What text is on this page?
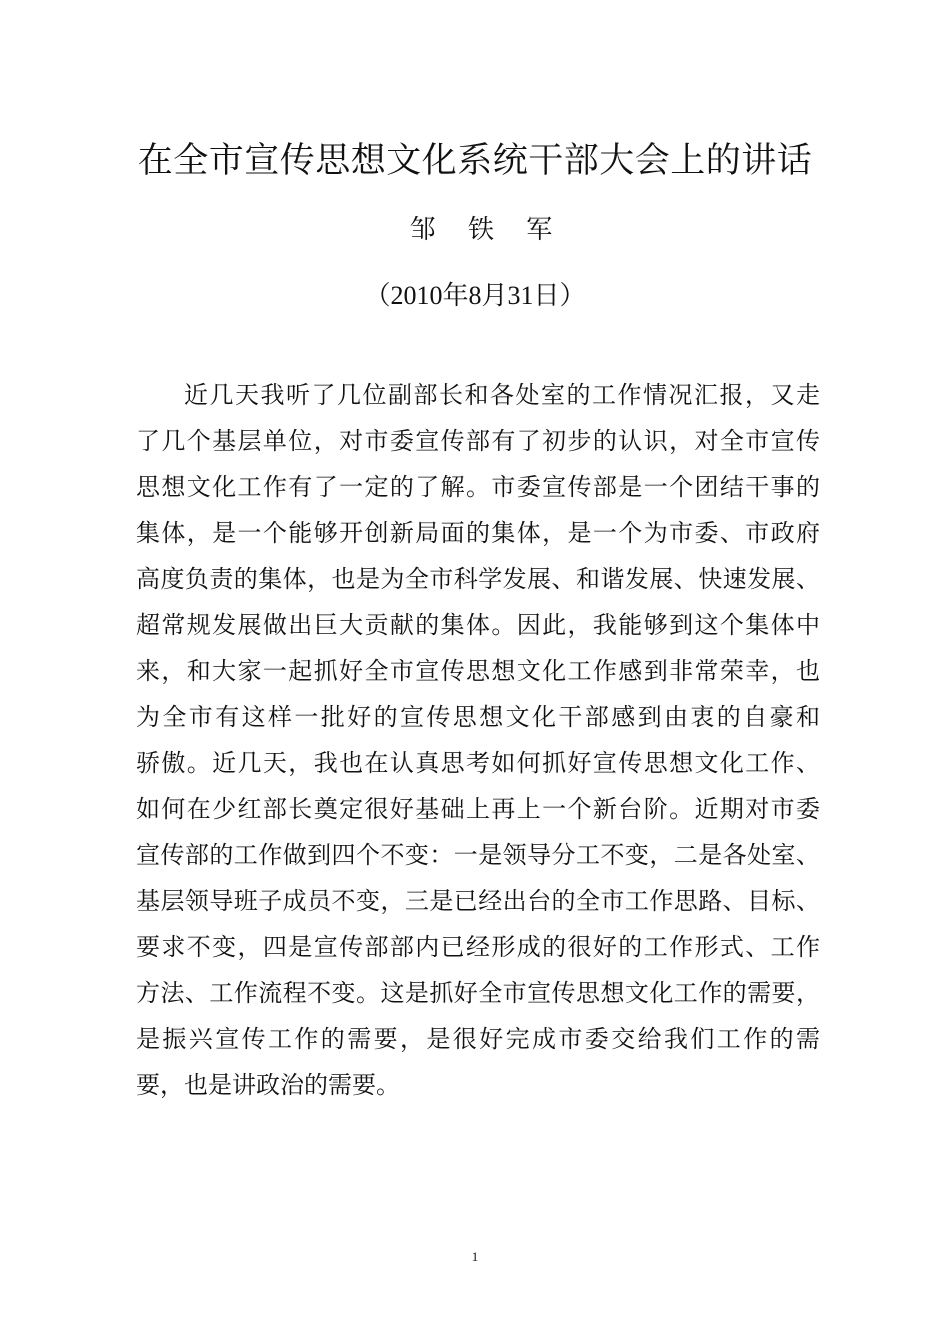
在全市宣传思想文化系统干部大会上的讲话
邹 铁 军
（2010年8月31日）
近几天我听了几位副部长和各处室的工作情况汇报，又走
了几个基层单位，对市委宣传部有了初步的认识，对全市宣传
思想文化工作有了一定的了解。市委宣传部是一个团结干事的
集体，是一个能够开创新局面的集体，是一个为市委、市政府
高度负责的集体，也是为全市科学发展、和谐发展、快速发展、
超常规发展做出巨大贡献的集体。因此，我能够到这个集体中
来，和大家一起抓好全市宣传思想文化工作感到非常荣幸，也
为全市有这样一批好的宣传思想文化干部感到由衷的自豪和
骄傲。近几天，我也在认真思考如何抓好宣传思想文化工作、
如何在少红部长奠定很好基础上再上一个新台阶。近期对市委
宣传部的工作做到四个不变：一是领导分工不变，二是各处室、
基层领导班子成员不变，三是已经出台的全市工作思路、目标、
要求不变，四是宣传部部内已经形成的很好的工作形式、工作
方法、工作流程不变。这是抓好全市宣传思想文化工作的需要，
是振兴宣传工作的需要，是很好完成市委交给我们工作的需
要，也是讲政治的需要。
1
